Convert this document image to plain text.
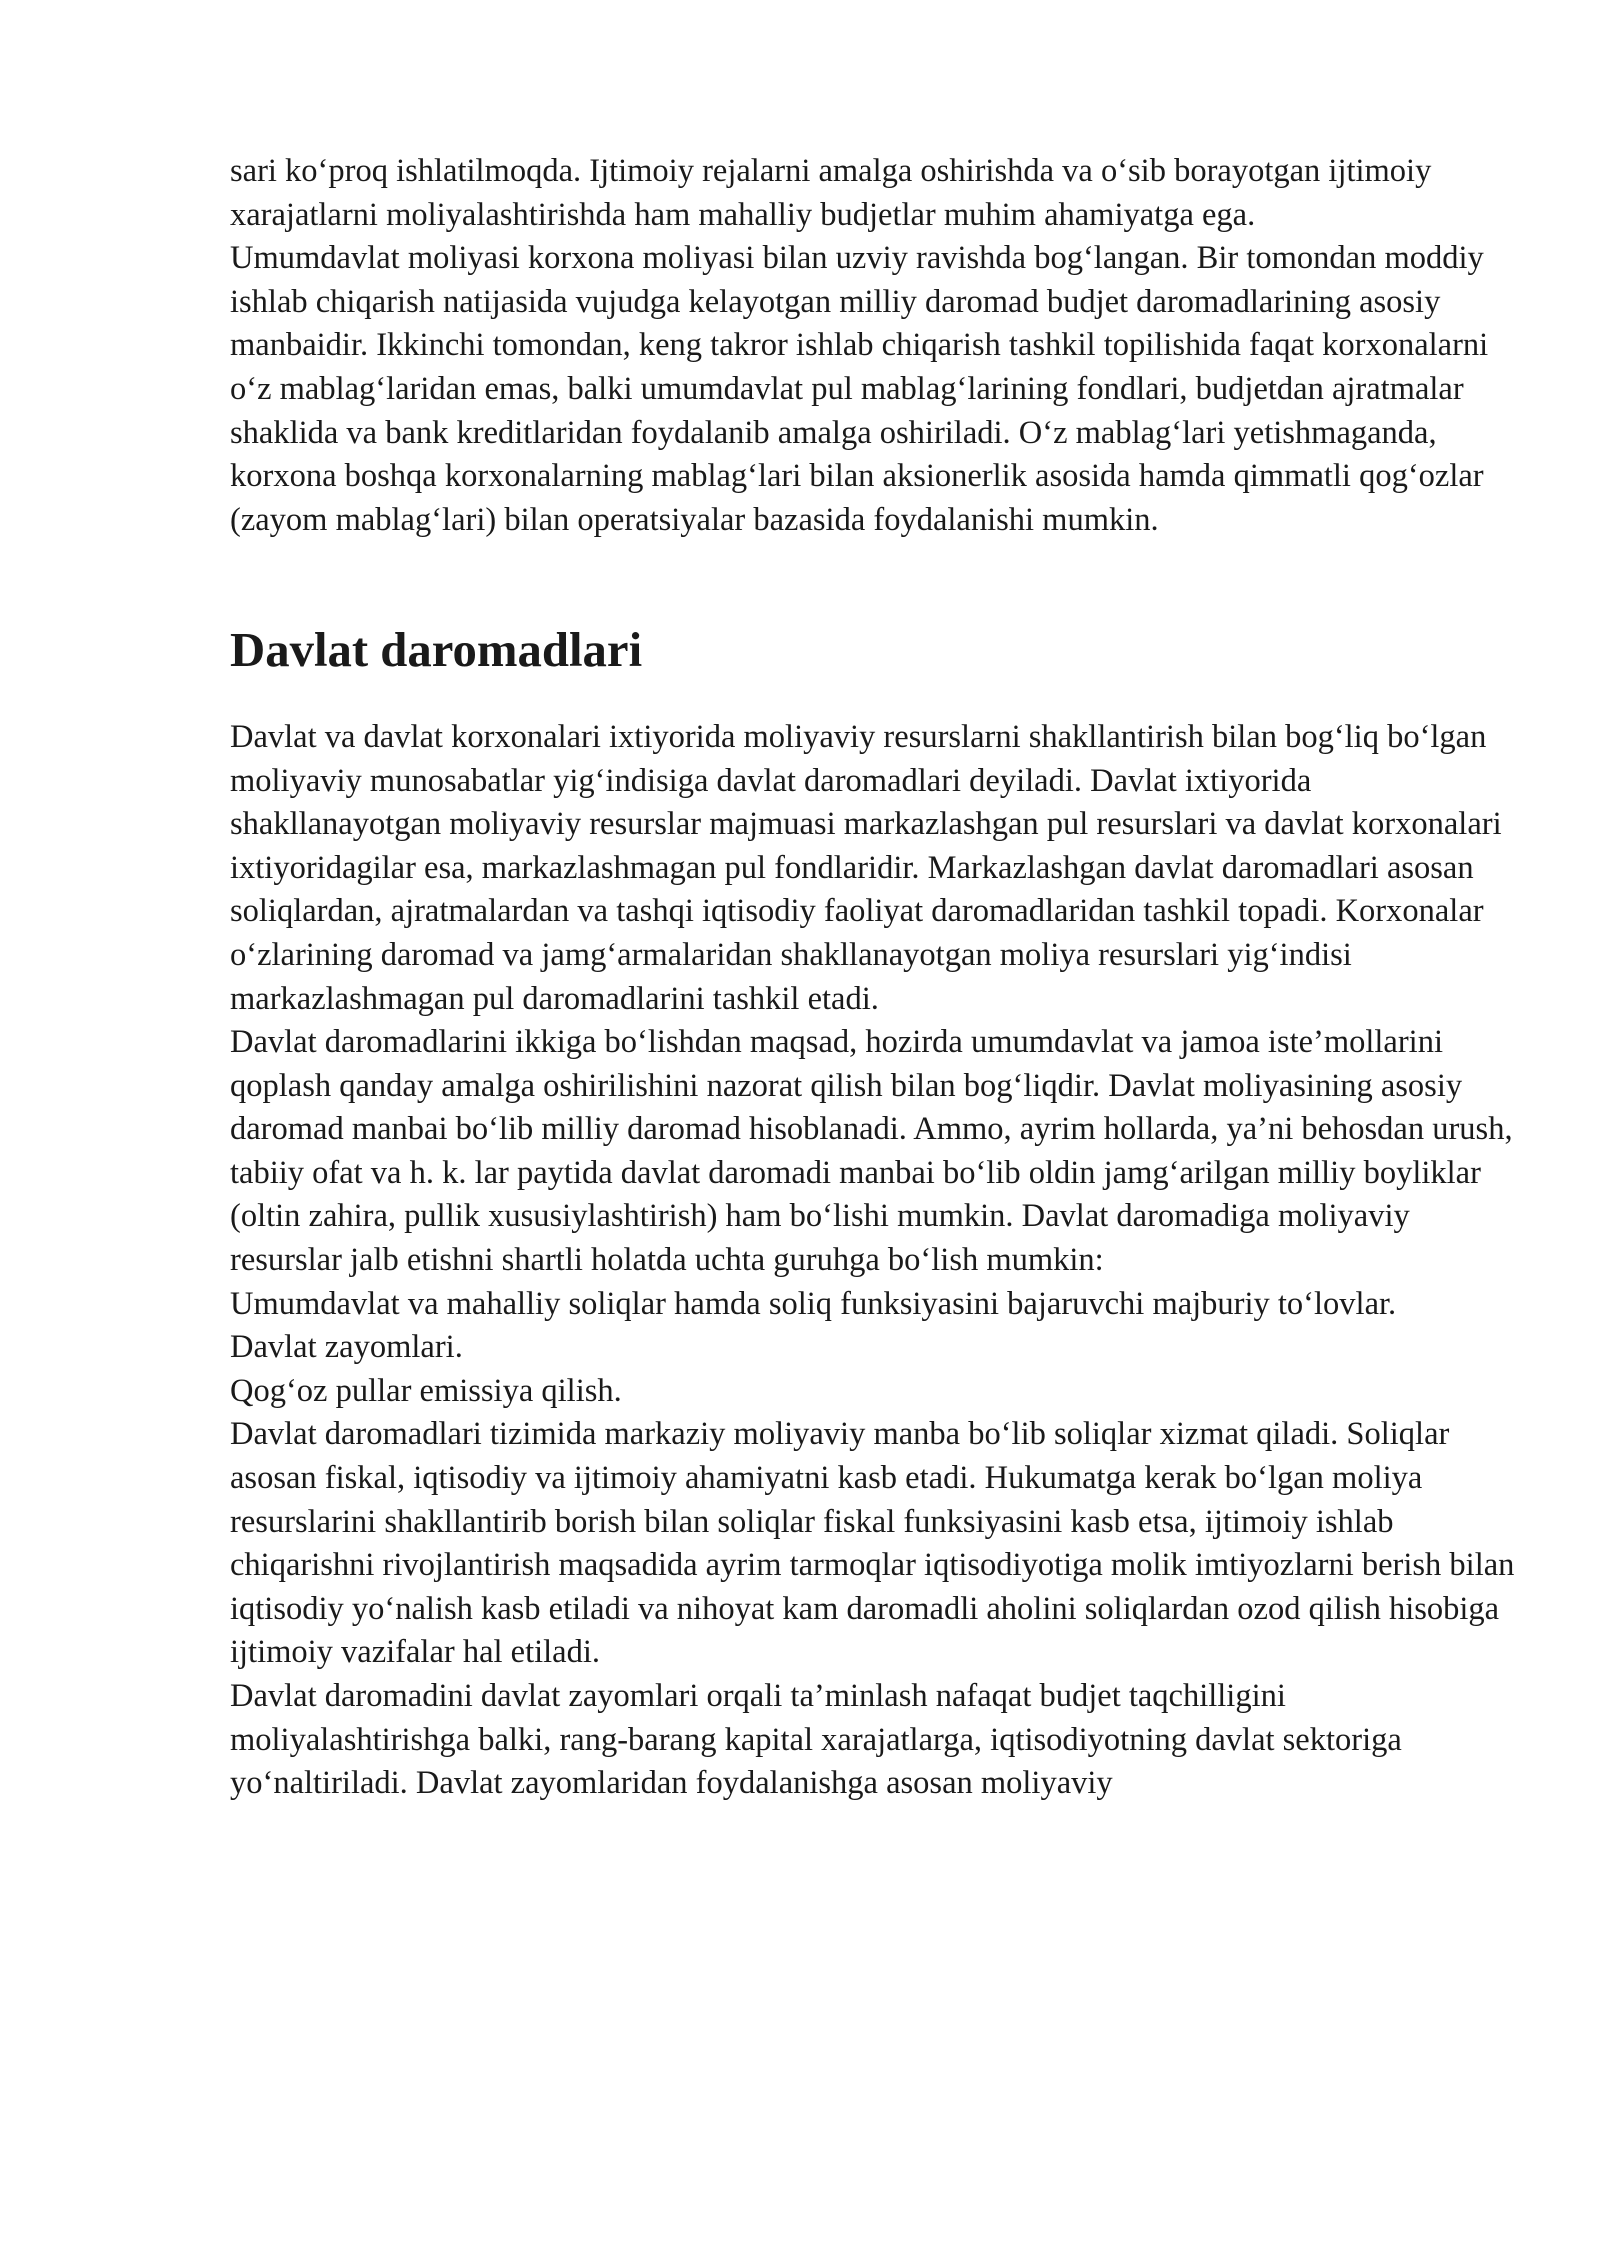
sari ko‘proq ishlatilmoqda. Ijtimoiy rejalarni amalga oshirishda va o‘sib borayotgan ijtimoiy xarajatlarni moliyalashtirishda ham mahalliy budjetlar muhim ahamiyatga ega.

Umumdavlat moliyasi korxona moliyasi bilan uzviy ravishda bog‘langan. Bir tomondan moddiy ishlab chiqarish natijasida vujudga kelayotgan milliy daromad budjet daromadlarining asosiy manbaidir. Ikkinchi tomondan, keng takror ishlab chiqarish tashkil topilishida faqat korxonalarni o‘z mablag‘laridan emas, balki umumdavlat pul mablag‘larining fondlari, budjetdan ajratmalar shaklida va bank kreditlaridan foydalanib amalga oshiriladi. O‘z mablag‘lari yetishmaganda, korxona boshqa korxonalarning mablag‘lari bilan aksionerlik asosida hamda qimmatli qog‘ozlar (zayom mablag‘lari) bilan operatsiyalar bazasida foydalanishi mumkin.

Davlat daromadlari

Davlat va davlat korxonalari ixtiyorida moliyaviy resurslarni shakllantirish bilan bog‘liq bo‘lgan moliyaviy munosabatlar yig‘indisiga davlat daromadlari deyiladi. Davlat ixtiyorida shakllanayotgan moliyaviy resurslar majmuasi markazlashgan pul resurslari va davlat korxonalari ixtiyoridagilar esa, markazlashmagan pul fondlaridir. Markazlashgan davlat daromadlari asosan soliqlardan, ajratmalardan va tashqi iqtisodiy faoliyat daromadlaridan tashkil topadi. Korxonalar o‘zlarining daromad va jamg‘armalaridan shakllanayotgan moliya resurslari yig‘indisi markazlashmagan pul daromadlarini tashkil etadi.

Davlat daromadlarini ikkiga bo‘lishdan maqsad, hozirda umumdavlat va jamoa iste’mollarini qoplash qanday amalga oshirilishini nazorat qilish bilan bog‘liqdir. Davlat moliyasining asosiy daromad manbai bo‘lib milliy daromad hisoblanadi. Ammo, ayrim hollarda, ya’ni behosdan urush, tabiiy ofat va h. k. lar paytida davlat daromadi manbai bo‘lib oldin jamg‘arilgan milliy boyliklar (oltin zahira, pullik xususiylashtirish) ham bo‘lishi mumkin. Davlat daromadiga moliyaviy resurslar jalb etishni shartli holatda uchta guruhga bo‘lish mumkin:

Umumdavlat va mahalliy soliqlar hamda soliq funksiyasini bajaruvchi majburiy to‘lovlar.

Davlat zayomlari.

Qog‘oz pullar emissiya qilish.

Davlat daromadlari tizimida markaziy moliyaviy manba bo‘lib soliqlar xizmat qiladi. Soliqlar asosan fiskal, iqtisodiy va ijtimoiy ahamiyatni kasb etadi. Hukumatga kerak bo‘lgan moliya resurslarini shakllantirib borish bilan soliqlar fiskal funksiyasini kasb etsa, ijtimoiy ishlab chiqarishni rivojlantirish maqsadida ayrim tarmoqlar iqtisodiyotiga molik imtiyozlarni berish bilan iqtisodiy yo‘nalish kasb etiladi va nihoyat kam daromadli aholini soliqlardan ozod qilish hisobiga ijtimoiy vazifalar hal etiladi.

Davlat daromadini davlat zayomlari orqali ta’minlash nafaqat budjet taqchilligini moliyalashtirishga balki, rang-barang kapital xarajatlarga, iqtisodiyotning davlat sektoriga yo‘naltiriladi. Davlat zayomlaridan foydalanishga asosan moliyaviy
